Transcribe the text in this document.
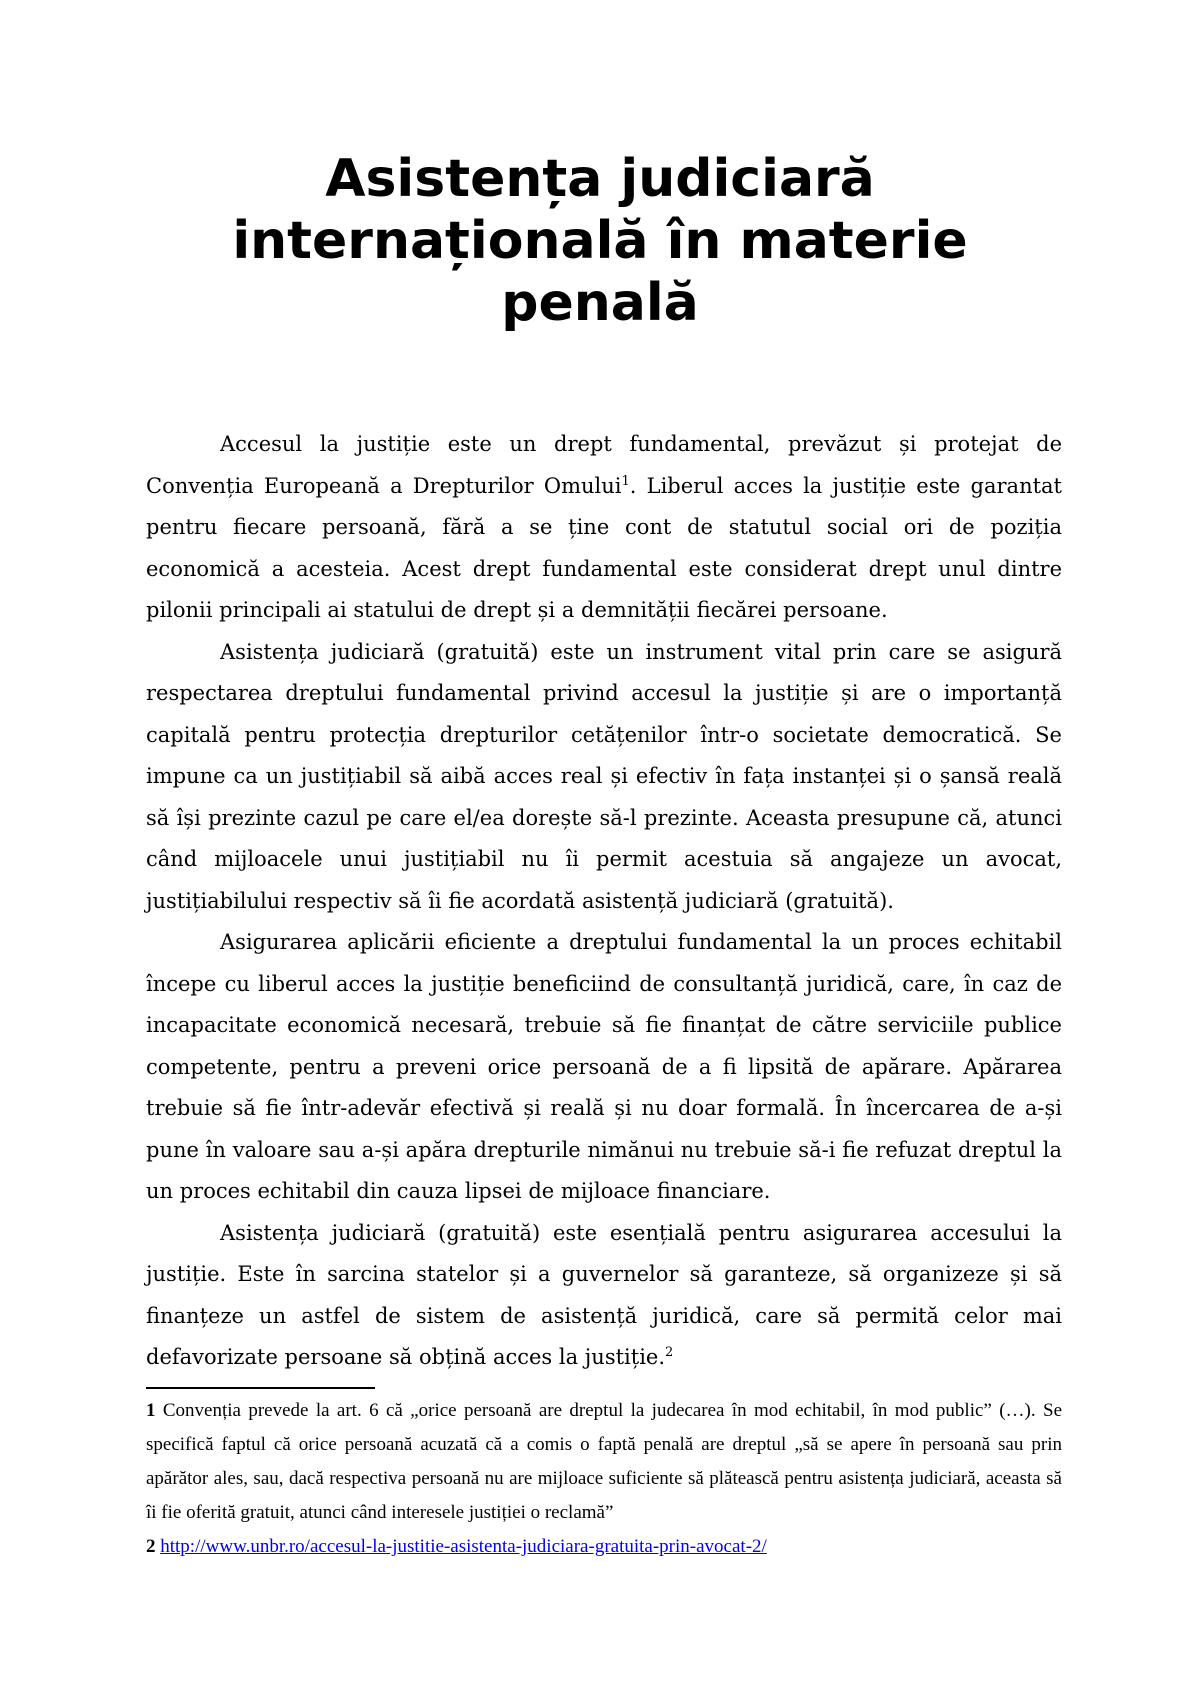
Asistența judiciară internațională în materie penală

Accesul la justiție este un drept fundamental, prevăzut și protejat de Convenția Europeană a Drepturilor Omului$^1$. Liberul acces la justiție este garantat pentru fiecare persoană, fără a se ține cont de statutul social ori de poziția economică a acesteia. Acest drept fundamental este considerat drept unul dintre pilonii principali ai statului de drept și a demnității fiecărei persoane.

Asistența judiciară (gratuită) este un instrument vital prin care se asigură respectarea dreptului fundamental privind accesul la justiție și are o importanță capitală pentru protecția drepturilor cetățenilor într-o societate democratică. Se impune ca un justițiabil să aibă acces real și efectiv în fața instanței și o șansă reală să își prezinte cazul pe care el/ea dorește să-l prezinte. Aceasta presupune că, atunci când mijloacele unui justițiabil nu îi permit acestuia să angajeze un avocat, justițiabilului respectiv să îi fie acordată asistență judiciară (gratuită).

Asigurarea aplicării eficiente a dreptului fundamental la un proces echitabil începe cu liberul acces la justiție beneficiind de consultanță juridică, care, în caz de incapacitate economică necesară, trebuie să fie finanțat de către serviciile publice competente, pentru a preveni orice persoană de a fi lipsită de apărare. Apărarea trebuie să fie într-adevăr efectivă și reală și nu doar formală. În încercarea de a-și pune în valoare sau a-și apăra drepturile nimănui nu trebuie să-i fie refuzat dreptul la un proces echitabil din cauza lipsei de mijloace financiare.

Asistența judiciară (gratuită) este esențială pentru asigurarea accesului la justiție. Este în sarcina statelor și a guvernelor să garanteze, să organizeze și să finanțeze un astfel de sistem de asistență juridică, care să permită celor mai defavorizate persoane să obțină acces la justiție.$^2$

1 Convenția prevede la art. 6 că „orice persoană are dreptul la judecarea în mod echitabil, în mod public” (…). Se specifică faptul că orice persoană acuzată că a comis o faptă penală are dreptul „să se apere în persoană sau prin apărător ales, sau, dacă respectiva persoană nu are mijloace suficiente să plătească pentru asistența judiciară, aceasta să îi fie oferită gratuit, atunci când interesele justiției o reclamă”

2 http://www.unbr.ro/accesul-la-justitie-asistenta-judiciara-gratuita-prin-avocat-2/
